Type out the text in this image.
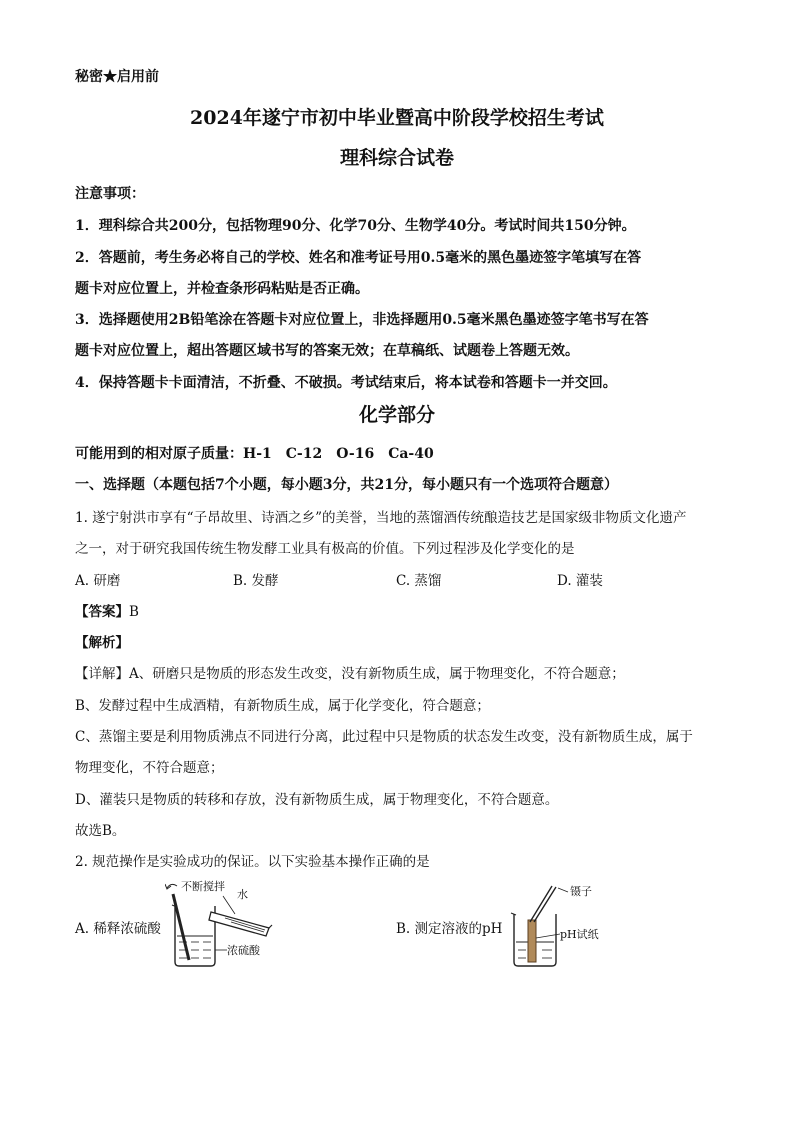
秘密★启用前
2024年遂宁市初中毕业暨高中阶段学校招生考试
理科综合试卷
注意事项：
1．理科综合共200分，包括物理90分、化学70分、生物学40分。考试时间共150分钟。
2．答题前，考生务必将自己的学校、姓名和准考证号用0.5毫米的黑色墨迹签字笔填写在答
题卡对应位置上，并检查条形码粘贴是否正确。
3．选择题使用2B铅笔涂在答题卡对应位置上，非选择题用0.5毫米黑色墨迹签字笔书写在答
题卡对应位置上，超出答题区域书写的答案无效；在草稿纸、试题卷上答题无效。
4．保持答题卡卡面清洁，不折叠、不破损。考试结束后，将本试卷和答题卡一并交回。
化学部分
可能用到的相对原子质量：H-1　C-12　O-16　Ca-40
一、选择题（本题包括7个小题，每小题3分，共21分，每小题只有一个选项符合题意）
1. 遂宁射洪市享有“子昂故里、诗酒之乡”的美誉，当地的蒸馏酒传统酿造技艺是国家级非物质文化遗产
之一，对于研究我国传统生物发酵工业具有极高的价值。下列过程涉及化学变化的是
A. 研磨	B. 发酵	C. 蒸馏	D. 灌装
【答案】B
【解析】
【详解】A、研磨只是物质的形态发生改变，没有新物质生成，属于物理变化，不符合题意；
B、发酵过程中生成酒精，有新物质生成，属于化学变化，符合题意；
C、蒸馏主要是利用物质沸点不同进行分离，此过程中只是物质的状态发生改变，没有新物质生成，属于
物理变化，不符合题意；
D、灌装只是物质的转移和存放，没有新物质生成，属于物理变化，不符合题意。
故选B。
2. 规范操作是实验成功的保证。以下实验基本操作正确的是
A. 稀释浓硫酸	B. 测定溶液的pH
不断搅拌
水
浓硫酸
镊子
pH试纸
